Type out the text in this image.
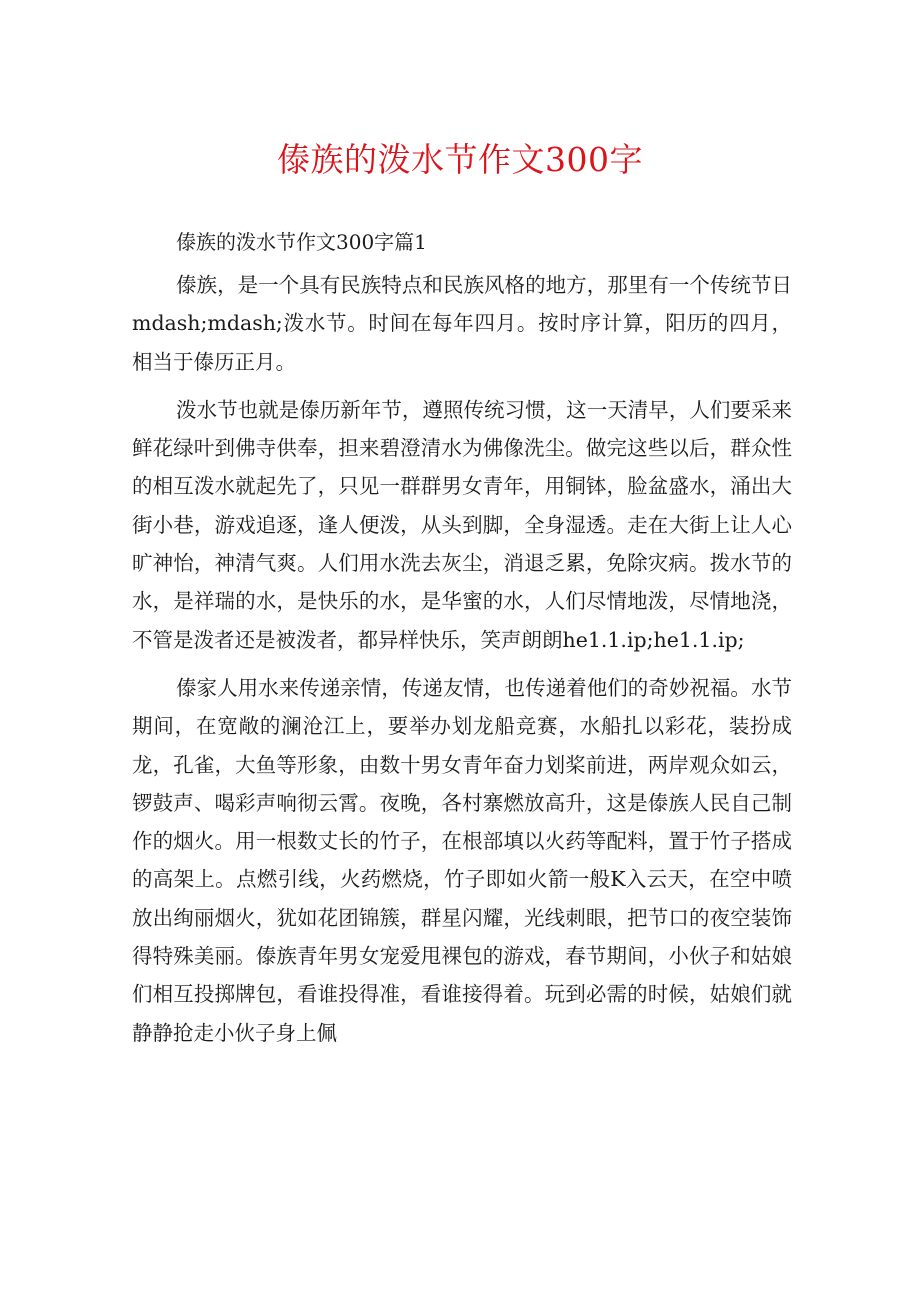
傣族的泼水节作文300字
傣族的泼水节作文300字篇1

傣族，是一个具有民族特点和民族风格的地方，那里有一个传统节日mdash;mdash;泼水节。时间在每年四月。按时序计算，阳历的四月，相当于傣历正月。

泼水节也就是傣历新年节，遵照传统习惯，这一天清早，人们要采来鲜花绿叶到佛寺供奉，担来碧澄清水为佛像洗尘。做完这些以后，群众性的相互泼水就起先了，只见一群群男女青年，用铜钵，脸盆盛水，涌出大街小巷，游戏追逐，逢人便泼，从头到脚，全身湿透。走在大街上让人心旷神怡，神清气爽。人们用水洗去灰尘，消退乏累，免除灾病。拨水节的水，是祥瑞的水，是快乐的水，是华蜜的水，人们尽情地泼，尽情地浇，不管是泼者还是被泼者，都异样快乐，笑声朗朗he1.1.ip;he1.1.ip;

傣家人用水来传递亲情，传递友情，也传递着他们的奇妙祝福。水节期间，在宽敞的澜沧江上，要举办划龙船竞赛，水船扎以彩花，装扮成龙，孔雀，大鱼等形象，由数十男女青年奋力划桨前进，两岸观众如云，锣鼓声、喝彩声响彻云霄。夜晚，各村寨燃放高升，这是傣族人民自己制作的烟火。用一根数丈长的竹子，在根部填以火药等配料，置于竹子搭成的高架上。点燃引线，火药燃烧，竹子即如火箭一般K入云天，在空中喷放出绚丽烟火，犹如花团锦簇，群星闪耀，光线刺眼，把节口的夜空装饰得特殊美丽。傣族青年男女宠爱甩裸包的游戏，春节期间，小伙子和姑娘们相互投掷牌包，看谁投得准，看谁接得着。玩到必需的时候，姑娘们就静静抢走小伙子身上佩
